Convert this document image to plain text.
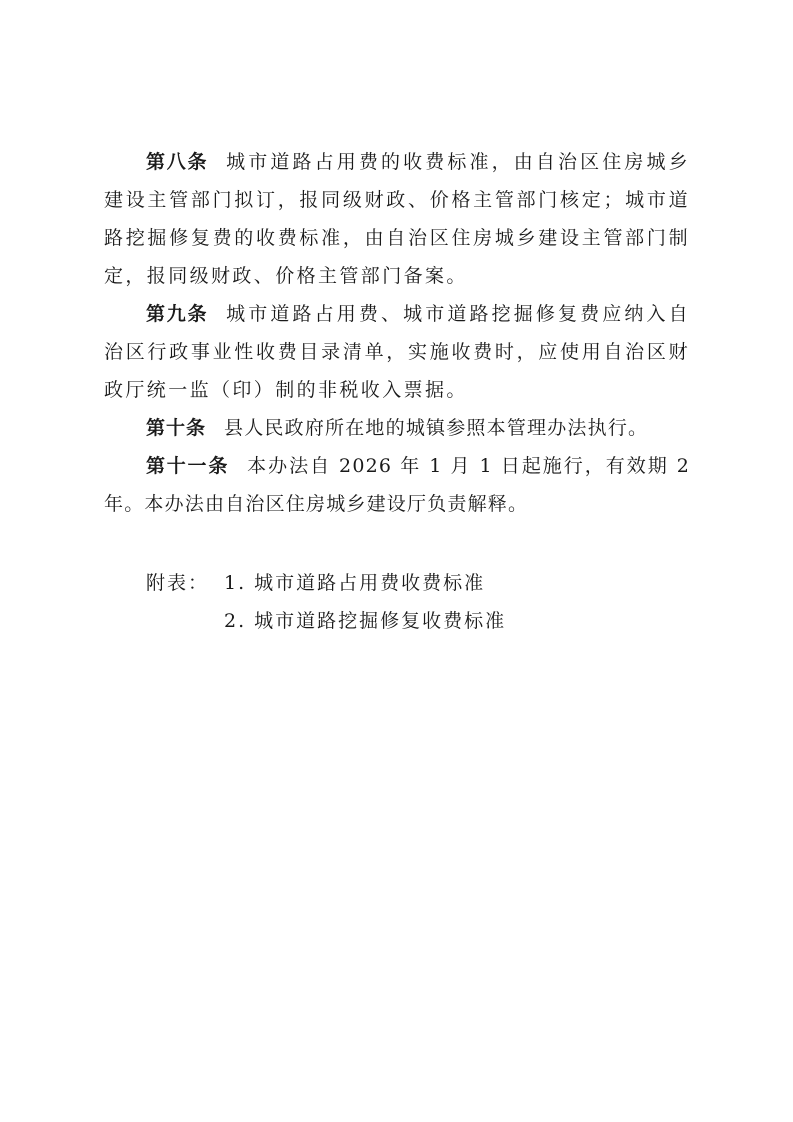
第八条 城市道路占用费的收费标准，由自治区住房城乡建设主管部门拟订，报同级财政、价格主管部门核定；城市道路挖掘修复费的收费标准，由自治区住房城乡建设主管部门制定，报同级财政、价格主管部门备案。

第九条 城市道路占用费、城市道路挖掘修复费应纳入自治区行政事业性收费目录清单，实施收费时，应使用自治区财政厅统一监（印）制的非税收入票据。

第十条 县人民政府所在地的城镇参照本管理办法执行。

第十一条 本办法自 2026 年 1 月 1 日起施行，有效期 2 年。本办法由自治区住房城乡建设厅负责解释。

附表： 1. 城市道路占用费收费标准
2. 城市道路挖掘修复收费标准
